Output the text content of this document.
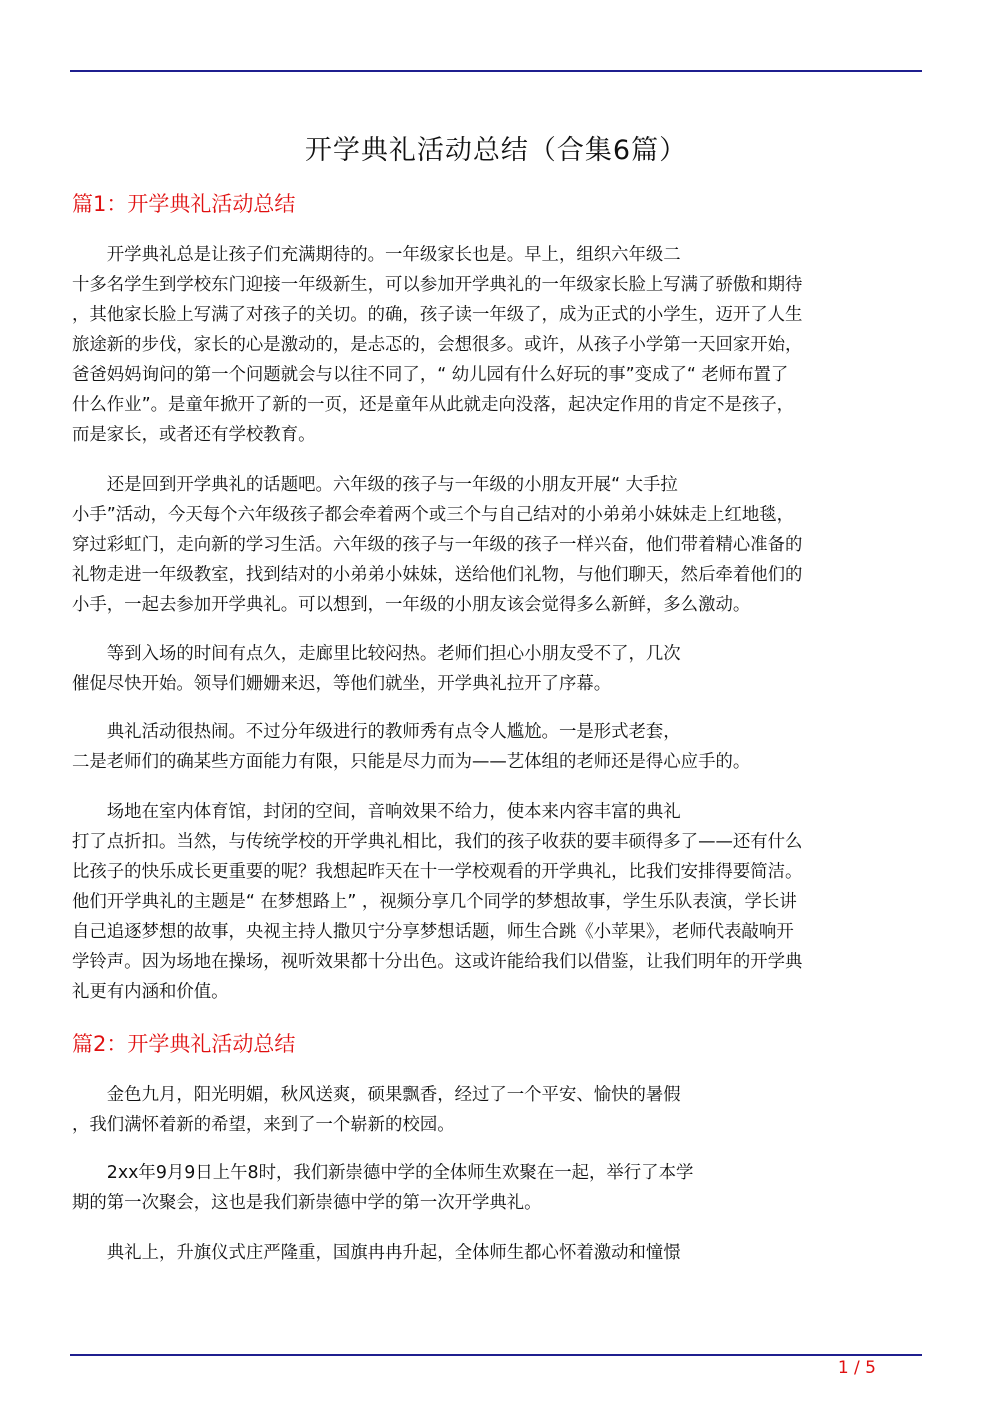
开学典礼活动总结（合集6篇）
篇1：开学典礼活动总结
　　开学典礼总是让孩子们充满期待的。一年级家长也是。早上，组织六年级二
十多名学生到学校东门迎接一年级新生，可以参加开学典礼的一年级家长脸上写满了骄傲和期待
，其他家长脸上写满了对孩子的关切。的确，孩子读一年级了，成为正式的小学生，迈开了人生
旅途新的步伐，家长的心是激动的，是忐忑的，会想很多。或许，从孩子小学第一天回家开始，
爸爸妈妈询问的第一个问题就会与以往不同了，“ 幼儿园有什么好玩的事”变成了“ 老师布置了
什么作业”。是童年掀开了新的一页，还是童年从此就走向没落，起决定作用的肯定不是孩子，
而是家长，或者还有学校教育。
　　还是回到开学典礼的话题吧。六年级的孩子与一年级的小朋友开展“ 大手拉
小手”活动，今天每个六年级孩子都会牵着两个或三个与自己结对的小弟弟小妹妹走上红地毯，
穿过彩虹门，走向新的学习生活。六年级的孩子与一年级的孩子一样兴奋，他们带着精心准备的
礼物走进一年级教室，找到结对的小弟弟小妹妹，送给他们礼物，与他们聊天，然后牵着他们的
小手，一起去参加开学典礼。可以想到，一年级的小朋友该会觉得多么新鲜，多么激动。
　　等到入场的时间有点久，走廊里比较闷热。老师们担心小朋友受不了，几次
催促尽快开始。领导们姗姗来迟，等他们就坐，开学典礼拉开了序幕。
　　典礼活动很热闹。不过分年级进行的教师秀有点令人尴尬。一是形式老套，
二是老师们的确某些方面能力有限，只能是尽力而为——艺体组的老师还是得心应手的。
　　场地在室内体育馆，封闭的空间，音响效果不给力，使本来内容丰富的典礼
打了点折扣。当然，与传统学校的开学典礼相比，我们的孩子收获的要丰硕得多了——还有什么
比孩子的快乐成长更重要的呢？我想起昨天在十一学校观看的开学典礼，比我们安排得要简洁。
他们开学典礼的主题是“ 在梦想路上” ，视频分享几个同学的梦想故事，学生乐队表演，学长讲
自己追逐梦想的故事，央视主持人撒贝宁分享梦想话题，师生合跳《小苹果》，老师代表敲响开
学铃声。因为场地在操场，视听效果都十分出色。这或许能给我们以借鉴，让我们明年的开学典
礼更有内涵和价值。
篇2：开学典礼活动总结
　　金色九月，阳光明媚，秋风送爽，硕果飘香，经过了一个平安、愉快的暑假
，我们满怀着新的希望，来到了一个崭新的校园。
　　2xx年9月9日上午8时，我们新崇德中学的全体师生欢聚在一起，举行了本学
期的第一次聚会，这也是我们新崇德中学的第一次开学典礼。
　　典礼上，升旗仪式庄严隆重，国旗冉冉升起，全体师生都心怀着激动和憧憬
1 / 5
